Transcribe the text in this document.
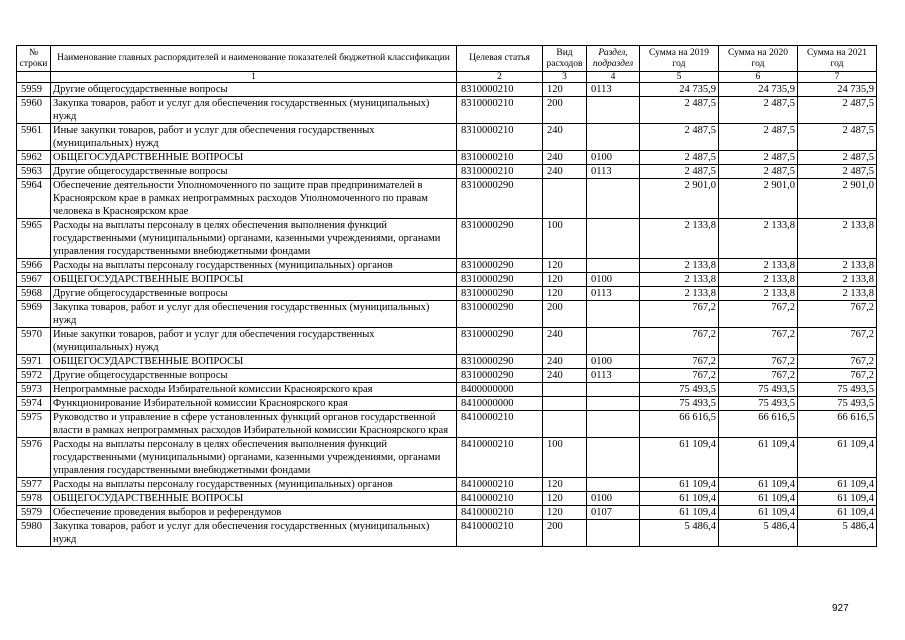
№ строки	Наименование главных распорядителей и наименование показателей бюджетной классификации	Целевая статья	Вид расходов	Раздел, подраздел	Сумма на 2019 год	Сумма на 2020 год	Сумма на 2021 год
	1	2	3	4	5	6	7
5959	Другие общегосударственные вопросы	8310000210	120	0113	24 735,9	24 735,9	24 735,9
5960	Закупка товаров, работ и услуг для обеспечения государственных (муниципальных) нужд	8310000210	200		2 487,5	2 487,5	2 487,5
5961	Иные закупки товаров, работ и услуг для обеспечения государственных (муниципальных) нужд	8310000210	240		2 487,5	2 487,5	2 487,5
5962	ОБЩЕГОСУДАРСТВЕННЫЕ ВОПРОСЫ	8310000210	240	0100	2 487,5	2 487,5	2 487,5
5963	Другие общегосударственные вопросы	8310000210	240	0113	2 487,5	2 487,5	2 487,5
5964	Обеспечение деятельности Уполномоченного по защите прав предпринимателей в Красноярском крае в рамках непрограммных расходов Уполномоченного по правам человека в Красноярском крае	8310000290			2 901,0	2 901,0	2 901,0
5965	Расходы на выплаты персоналу в целях обеспечения выполнения функций государственными (муниципальными) органами, казенными учреждениями, органами управления государственными внебюджетными фондами	8310000290	100		2 133,8	2 133,8	2 133,8
5966	Расходы на выплаты персоналу государственных (муниципальных) органов	8310000290	120		2 133,8	2 133,8	2 133,8
5967	ОБЩЕГОСУДАРСТВЕННЫЕ ВОПРОСЫ	8310000290	120	0100	2 133,8	2 133,8	2 133,8
5968	Другие общегосударственные вопросы	8310000290	120	0113	2 133,8	2 133,8	2 133,8
5969	Закупка товаров, работ и услуг для обеспечения государственных (муниципальных) нужд	8310000290	200		767,2	767,2	767,2
5970	Иные закупки товаров, работ и услуг для обеспечения государственных (муниципальных) нужд	8310000290	240		767,2	767,2	767,2
5971	ОБЩЕГОСУДАРСТВЕННЫЕ ВОПРОСЫ	8310000290	240	0100	767,2	767,2	767,2
5972	Другие общегосударственные вопросы	8310000290	240	0113	767,2	767,2	767,2
5973	Непрограммные расходы Избирательной комиссии Красноярского края	8400000000			75 493,5	75 493,5	75 493,5
5974	Функционирование Избирательной комиссии Красноярского края	8410000000			75 493,5	75 493,5	75 493,5
5975	Руководство и управление в сфере установленных функций органов государственной власти в рамках непрограммных расходов Избирательной комиссии Красноярского края	8410000210			66 616,5	66 616,5	66 616,5
5976	Расходы на выплаты персоналу в целях обеспечения выполнения функций государственными (муниципальными) органами, казенными учреждениями, органами управления государственными внебюджетными фондами	8410000210	100		61 109,4	61 109,4	61 109,4
5977	Расходы на выплаты персоналу государственных (муниципальных) органов	8410000210	120		61 109,4	61 109,4	61 109,4
5978	ОБЩЕГОСУДАРСТВЕННЫЕ ВОПРОСЫ	8410000210	120	0100	61 109,4	61 109,4	61 109,4
5979	Обеспечение проведения выборов и референдумов	8410000210	120	0107	61 109,4	61 109,4	61 109,4
5980	Закупка товаров, работ и услуг для обеспечения государственных (муниципальных) нужд	8410000210	200		5 486,4	5 486,4	5 486,4
927
